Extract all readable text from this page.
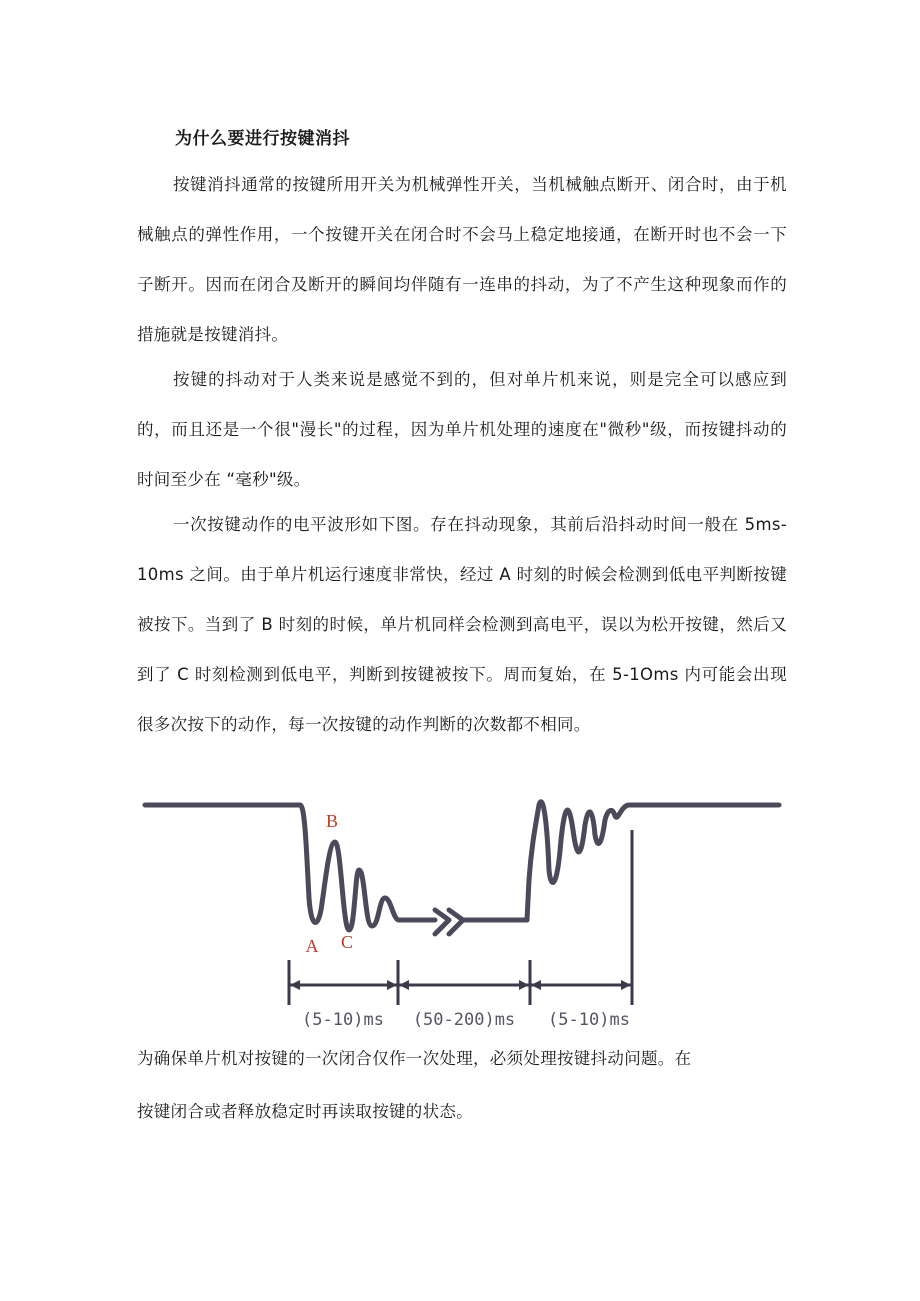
为什么要进行按键消抖

按键消抖通常的按键所用开关为机械弹性开关，当机械触点断开、闭合时，由于机械触点的弹性作用，一个按键开关在闭合时不会马上稳定地接通，在断开时也不会一下子断开。因而在闭合及断开的瞬间均伴随有一连串的抖动，为了不产生这种现象而作的措施就是按键消抖。

按键的抖动对于人类来说是感觉不到的，但对单片机来说，则是完全可以感应到的，而且还是一个很"漫长"的过程，因为单片机处理的速度在"微秒"级，而按键抖动的时间至少在 “毫秒"级。

一次按键动作的电平波形如下图。存在抖动现象，其前后沿抖动时间一般在 5ms-10ms 之间。由于单片机运行速度非常快，经过 A 时刻的时候会检测到低电平判断按键被按下。当到了 B 时刻的时候，单片机同样会检测到高电平，误以为松开按键，然后又到了 C 时刻检测到低电平，判断到按键被按下。周而复始，在 5-1Oms 内可能会出现很多次按下的动作，每一次按键的动作判断的次数都不相同。

B
A C
(5-10)ms (50-200)ms (5-10)ms

为确保单片机对按键的一次闭合仅作一次处理，必须处理按键抖动问题。在

按键闭合或者释放稳定时再读取按键的状态。
